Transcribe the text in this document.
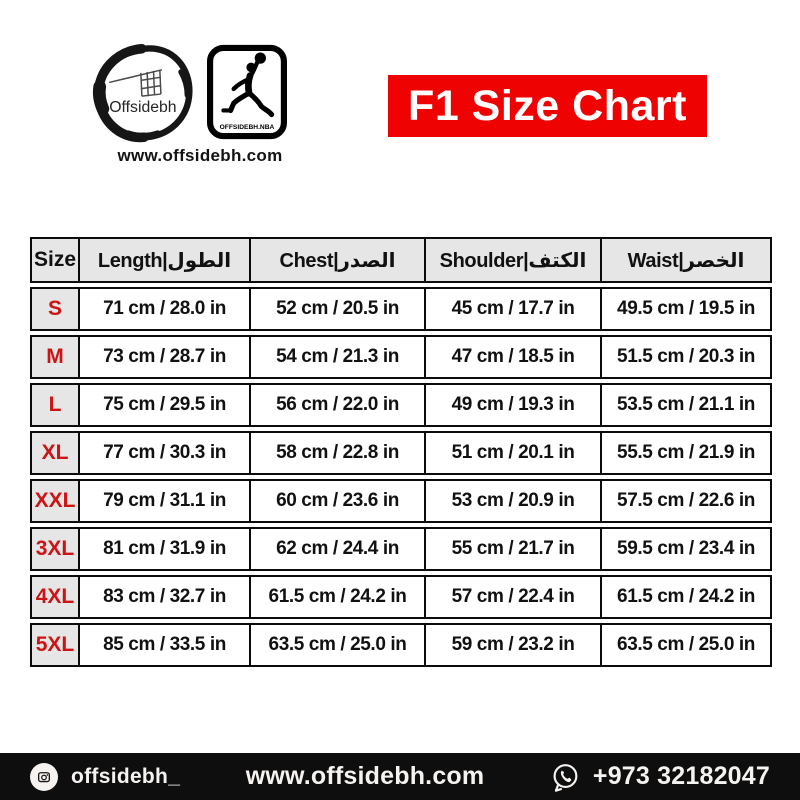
Offsidebh
OFFSIDEBH.NBA
www.offsidebh.com
F1 Size Chart
Size	Length|الطول	Chest|الصدر	Shoulder|الكتف	Waist|الخصر
S	71 cm / 28.0 in	52 cm / 20.5 in	45 cm / 17.7 in	49.5 cm / 19.5 in
M	73 cm / 28.7 in	54 cm / 21.3 in	47 cm / 18.5 in	51.5 cm / 20.3 in
L	75 cm / 29.5 in	56 cm / 22.0 in	49 cm / 19.3 in	53.5 cm / 21.1 in
XL	77 cm / 30.3 in	58 cm / 22.8 in	51 cm / 20.1 in	55.5 cm / 21.9 in
XXL	79 cm / 31.1 in	60 cm / 23.6 in	53 cm / 20.9 in	57.5 cm / 22.6 in
3XL	81 cm / 31.9 in	62 cm / 24.4 in	55 cm / 21.7 in	59.5 cm / 23.4 in
4XL	83 cm / 32.7 in	61.5 cm / 24.2 in	57 cm / 22.4 in	61.5 cm / 24.2 in
5XL	85 cm / 33.5 in	63.5 cm / 25.0 in	59 cm / 23.2 in	63.5 cm / 25.0 in
offsidebh_	www.offsidebh.com	+973 32182047
